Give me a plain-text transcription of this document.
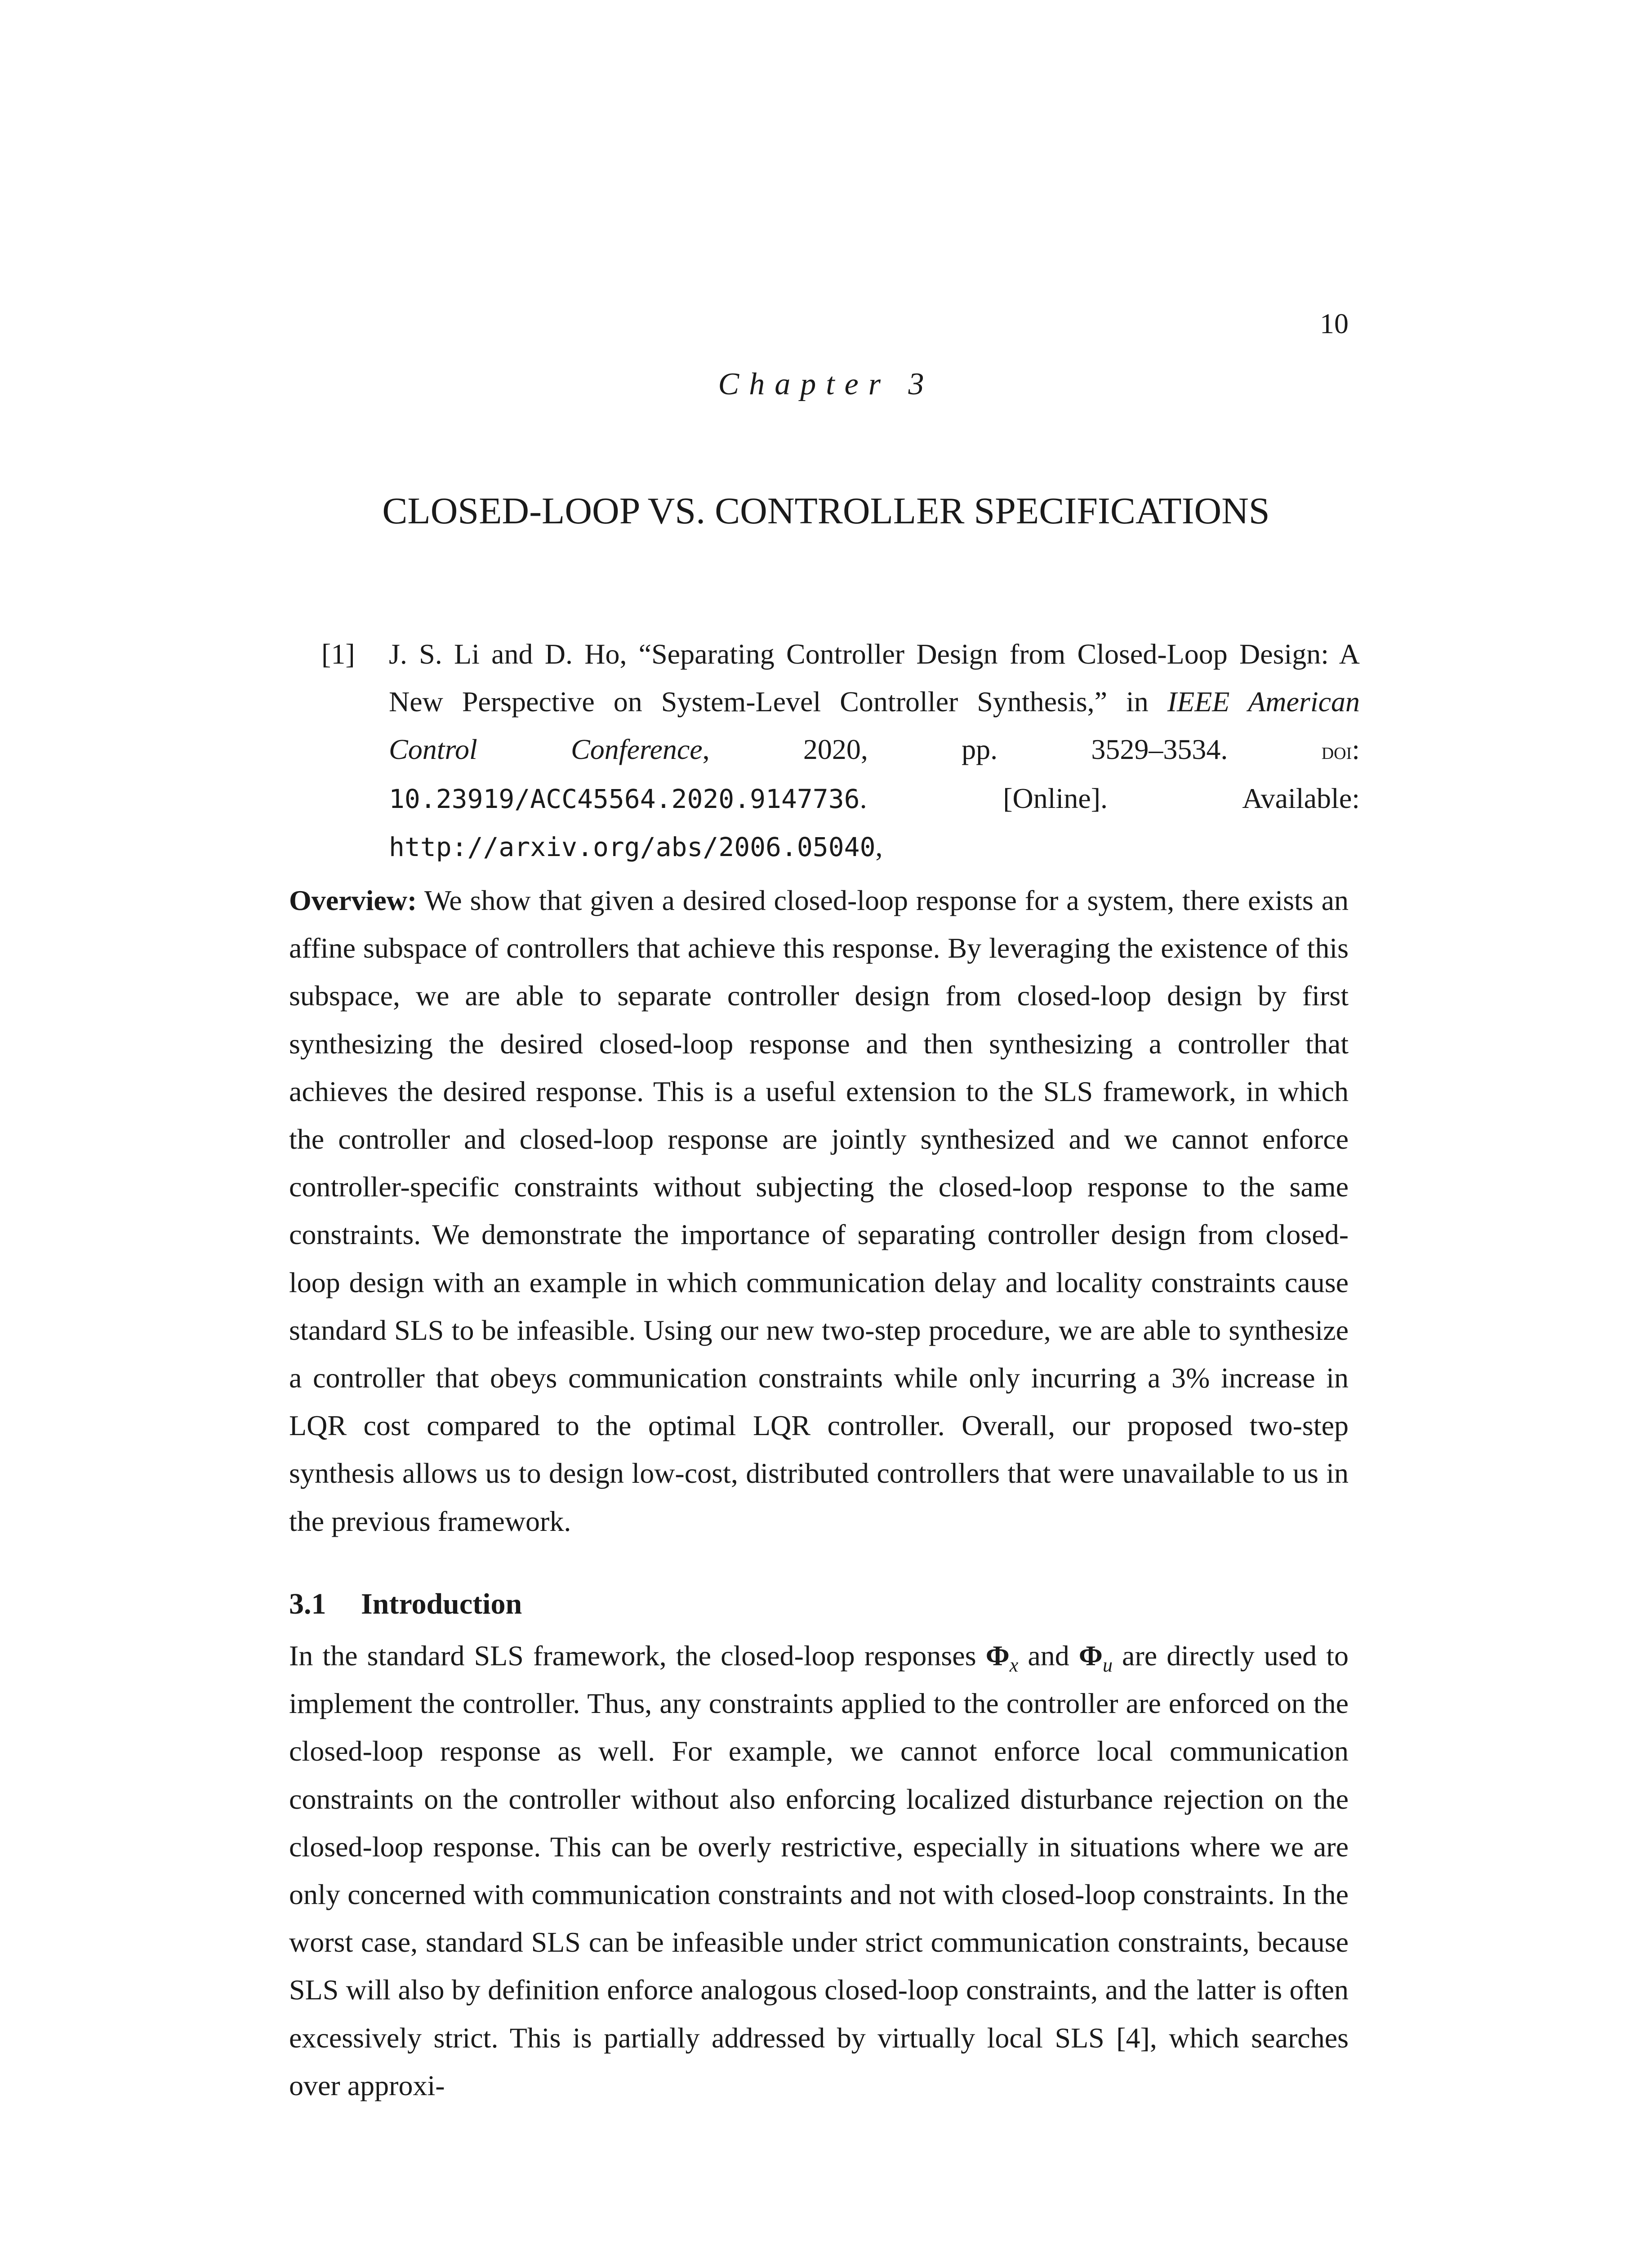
10
Chapter 3
CLOSED-LOOP VS. CONTROLLER SPECIFICATIONS
[1] J. S. Li and D. Ho, “Separating Controller Design from Closed-Loop Design: A New Perspective on System-Level Controller Synthesis,” in IEEE American Control Conference, 2020, pp. 3529–3534. doi: 10.23919/ACC45564.2020.9147736. [Online]. Available: http://arxiv.org/abs/2006.05040,
Overview: We show that given a desired closed-loop response for a system, there exists an affine subspace of controllers that achieve this response. By leveraging the existence of this subspace, we are able to separate controller design from closed-loop design by first synthesizing the desired closed-loop response and then synthesizing a controller that achieves the desired response. This is a useful extension to the SLS framework, in which the controller and closed-loop response are jointly synthesized and we cannot enforce controller-specific constraints without subjecting the closed-loop response to the same constraints. We demonstrate the importance of separating controller design from closed-loop design with an example in which communication delay and locality constraints cause standard SLS to be infeasible. Using our new two-step procedure, we are able to synthesize a controller that obeys communication constraints while only incurring a 3% increase in LQR cost compared to the optimal LQR controller. Overall, our proposed two-step synthesis allows us to design low-cost, distributed controllers that were unavailable to us in the previous framework.
3.1 Introduction
In the standard SLS framework, the closed-loop responses $\Phi_x$ and $\Phi_u$ are directly used to implement the controller. Thus, any constraints applied to the controller are enforced on the closed-loop response as well. For example, we cannot enforce local communication constraints on the controller without also enforcing localized disturbance rejection on the closed-loop response. This can be overly restrictive, especially in situations where we are only concerned with communication constraints and not with closed-loop constraints. In the worst case, standard SLS can be infeasible under strict communication constraints, because SLS will also by definition enforce analogous closed-loop constraints, and the latter is often excessively strict. This is partially addressed by virtually local SLS [4], which searches over approxi-
